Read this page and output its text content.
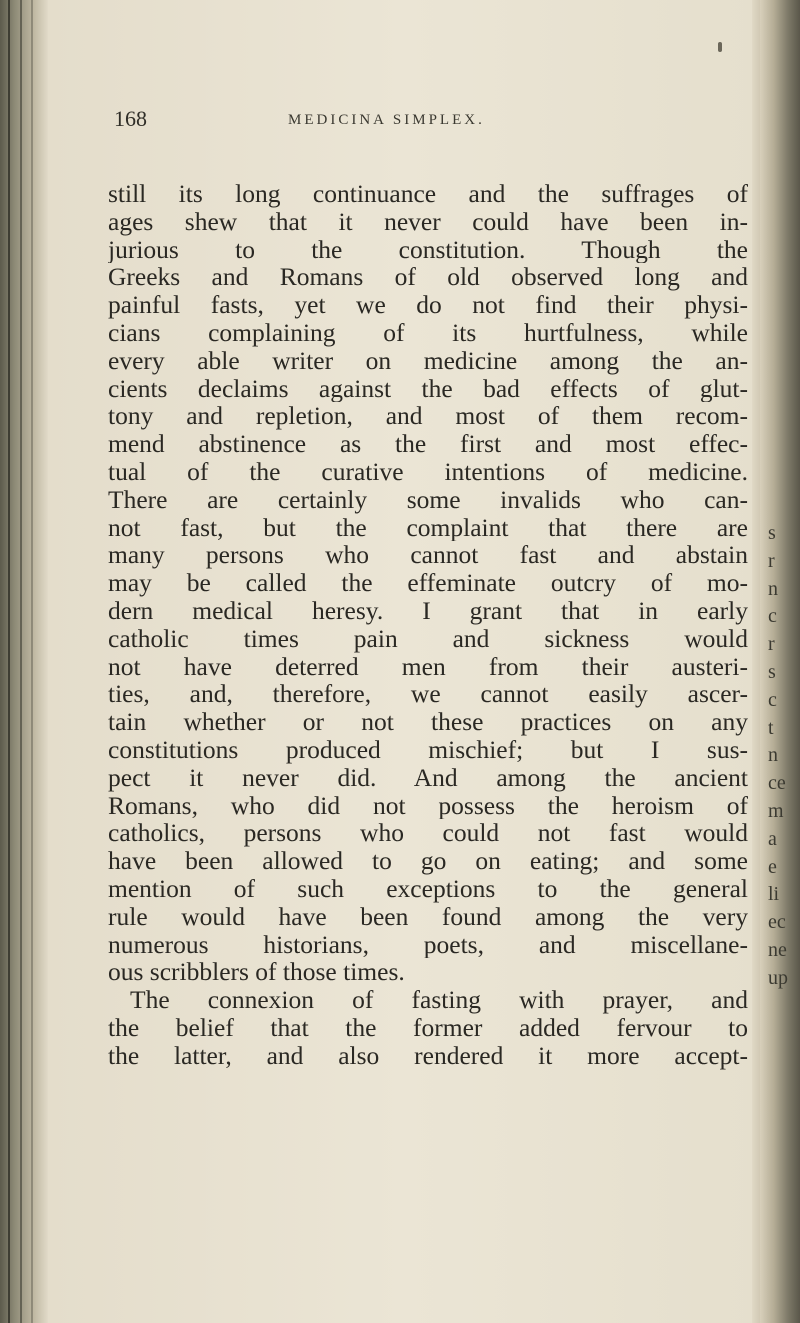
168	MEDICINA SIMPLEX.
still its long continuance and the suffrages of
ages shew that it never could have been in-
jurious to the constitution. Though the
Greeks and Romans of old observed long and
painful fasts, yet we do not find their physi-
cians complaining of its hurtfulness, while
every able writer on medicine among the an-
cients declaims against the bad effects of glut-
tony and repletion, and most of them recom-
mend abstinence as the first and most effec-
tual of the curative intentions of medicine.
There are certainly some invalids who can-
not fast, but the complaint that there are
many persons who cannot fast and abstain
may be called the effeminate outcry of mo-
dern medical heresy. I grant that in early
catholic times pain and sickness would
not have deterred men from their austeri-
ties, and, therefore, we cannot easily ascer-
tain whether or not these practices on any
constitutions produced mischief; but I sus-
pect it never did. And among the ancient
Romans, who did not possess the heroism of
catholics, persons who could not fast would
have been allowed to go on eating; and some
mention of such exceptions to the general
rule would have been found among the very
numerous historians, poets, and miscellane-
ous scribblers of those times.
The connexion of fasting with prayer, and
the belief that the former added fervour to
the latter, and also rendered it more accept-
s
r
n
c
r
s
c
t
n
ce
m
a
e
li
ec
ne
up
